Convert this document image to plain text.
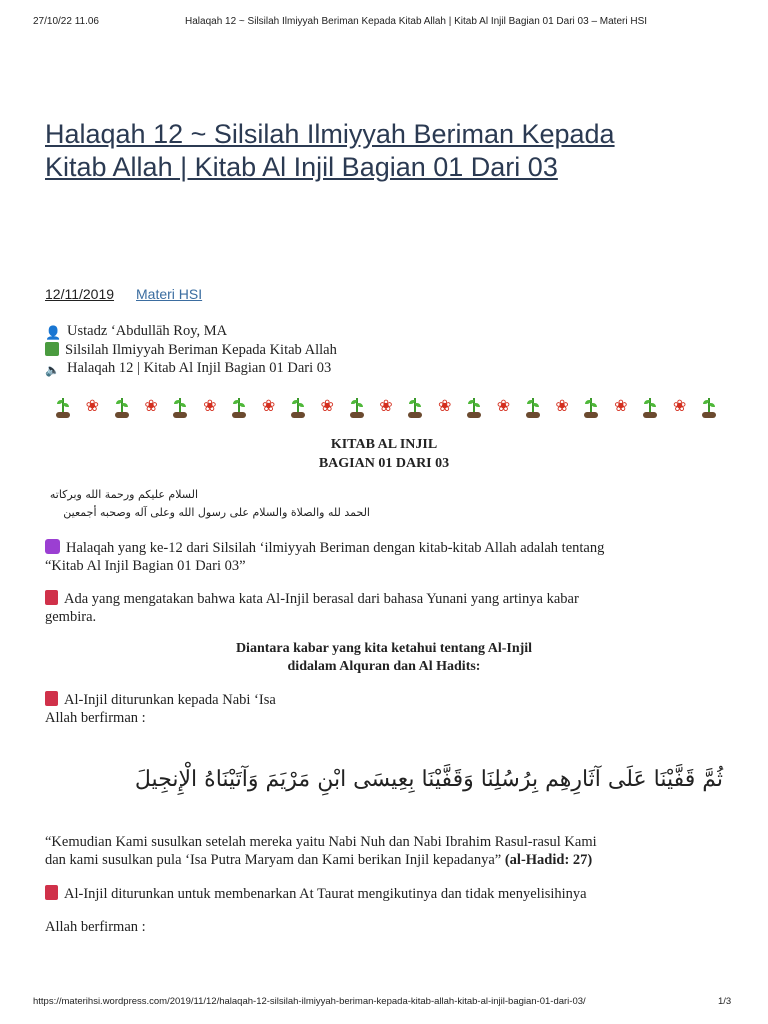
27/10/22 11.06	Halaqah 12 ~ Silsilah Ilmiyyah Beriman Kepada Kitab Allah | Kitab Al Injil Bagian 01 Dari 03 – Materi HSI
Halaqah 12 ~ Silsilah Ilmiyyah Beriman Kepada
Kitab Allah | Kitab Al Injil Bagian 01 Dari 03
12/11/2019 Materi HSI
👤 Ustadz ‘Abdullāh Roy, MA
Silsilah Ilmiyyah Beriman Kepada Kitab Allah
🔈 Halaqah 12 | Kitab Al Injil Bagian 01 Dari 03
❀	❀	❀	❀	❀	❀	❀	❀	❀	❀	❀
KITAB AL INJIL
BAGIAN 01 DARI 03
السلام عليكم ورحمة الله وبركاته
الحمد لله والصلاة والسلام على رسول الله وعلى آله وصحبه أجمعين
Halaqah yang ke-12 dari Silsilah ‘ilmiyyah Beriman dengan kitab-kitab Allah adalah tentang
“Kitab Al Injil Bagian 01 Dari 03”
Ada yang mengatakan bahwa kata Al-Injil berasal dari bahasa Yunani yang artinya kabar
gembira.
Diantara kabar yang kita ketahui tentang Al-Injil
didalam Alquran dan Al Hadits:
Al-Injil diturunkan kepada Nabi ‘Isa
Allah berfirman :
ثُمَّ قَفَّيْنَا عَلَى آثَارِهِم بِرُسُلِنَا وَقَفَّيْنَا بِعِيسَى ابْنِ مَرْيَمَ وَآتَيْنَاهُ الْإِنجِيلَ
“Kemudian Kami susulkan setelah mereka yaitu Nabi Nuh dan Nabi Ibrahim Rasul-rasul Kami
dan kami susulkan pula ‘Isa Putra Maryam dan Kami berikan Injil kepadanya” (al-Hadid: 27)
Al-Injil diturunkan untuk membenarkan At Taurat mengikutinya dan tidak menyelisihinya
Allah berfirman :
https://materihsi.wordpress.com/2019/11/12/halaqah-12-silsilah-ilmiyyah-beriman-kepada-kitab-allah-kitab-al-injil-bagian-01-dari-03/	1/3
